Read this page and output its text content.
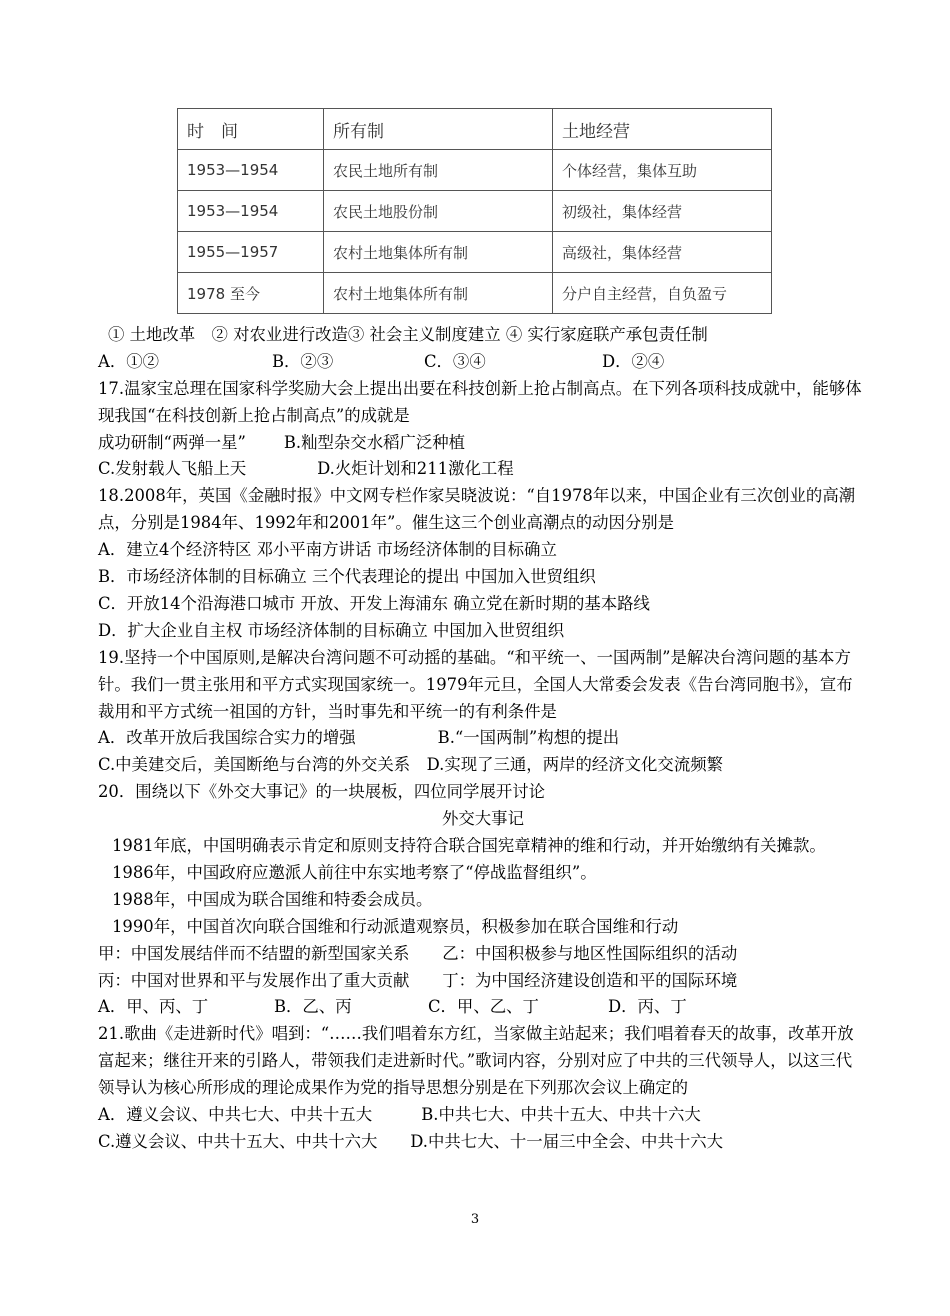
时　间	所有制	土地经营
1953—1954	农民土地所有制	个体经营，集体互助
1953—1954	农民土地股份制	初级社，集体经营
1955—1957	农村土地集体所有制	高级社，集体经营
1978 至今	农村土地集体所有制	分户自主经营，自负盈亏
① 土地改革　② 对农业进行改造③ 社会主义制度建立 ④ 实行家庭联产承包责任制
A．①②	B．②③	C．③④	D．②④
17.温家宝总理在国家科学奖励大会上提出出要在科技创新上抢占制高点。在下列各项科技成就中，能够体现我国“在科技创新上抢占制高点”的成就是
成功研制“两弹一星”　　 B.籼型杂交水稻广泛种植
C.发射载人飞船上天　　　　 D.火炬计划和211激化工程
18.2008年，英国《金融时报》中文网专栏作家吴晓波说：“自1978年以来，中国企业有三次创业的高潮点，分别是1984年、1992年和2001年”。催生这三个创业高潮点的动因分别是
A．建立4个经济特区 邓小平南方讲话 市场经济体制的目标确立
B．市场经济体制的目标确立 三个代表理论的提出 中国加入世贸组织
C．开放14个沿海港口城市 开放、开发上海浦东 确立党在新时期的基本路线
D．扩大企业自主权 市场经济体制的目标确立 中国加入世贸组织
19.坚持一个中国原则,是解决台湾问题不可动摇的基础。“和平统一、一国两制”是解决台湾问题的基本方针。我们一贯主张用和平方式实现国家统一。1979年元旦，全国人大常委会发表《告台湾同胞书》，宣布裁用和平方式统一祖国的方针，当时事先和平统一的有利条件是
A．改革开放后我国综合实力的增强　　　　　B.“一国两制”构想的提出
C.中美建交后，美国断绝与台湾的外交关系　D.实现了三通，两岸的经济文化交流频繁
20．围绕以下《外交大事记》的一块展板，四位同学展开讨论
外交大事记
1981年底，中国明确表示肯定和原则支持符合联合国宪章精神的维和行动，并开始缴纳有关摊款。
1986年，中国政府应邀派人前往中东实地考察了“停战监督组织”。
1988年，中国成为联合国维和特委会成员。
1990年，中国首次向联合国维和行动派遣观察员，积极参加在联合国维和行动
甲：中国发展结伴而不结盟的新型国家关系　　乙：中国积极参与地区性国际组织的活动
丙：中国对世界和平与发展作出了重大贡献　　丁：为中国经济建设创造和平的国际环境
A．甲、丙、丁	B．乙、丙	C．甲、乙、丁	D．丙、丁
21.歌曲《走进新时代》唱到：“……我们唱着东方红，当家做主站起来；我们唱着春天的故事，改革开放富起来；继往开来的引路人，带领我们走进新时代。”歌词内容，分别对应了中共的三代领导人，以这三代领导认为核心所形成的理论成果作为党的指导思想分别是在下列那次会议上确定的
A．遵义会议、中共七大、中共十五大　　　B.中共七大、中共十五大、中共十六大
C.遵义会议、中共十五大、中共十六大　　D.中共七大、十一届三中全会、中共十六大
3
